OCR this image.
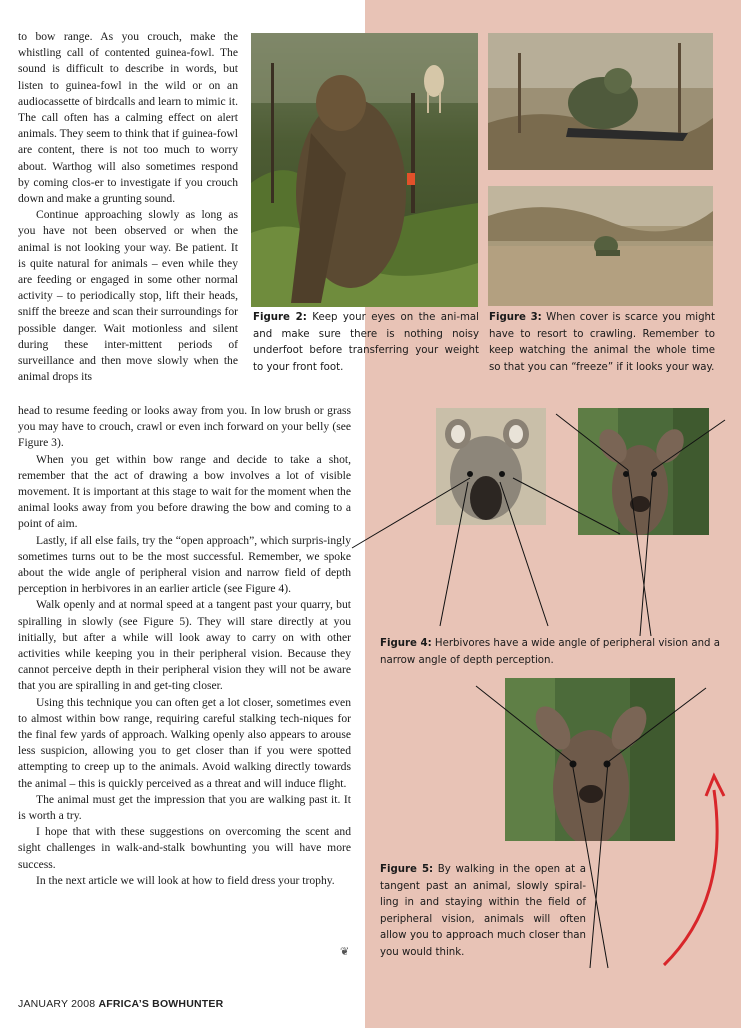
to bow range. As you crouch, make the whistling call of contented guinea-fowl. The sound is difficult to describe in words, but listen to guinea-fowl in the wild or on an audiocassette of birdcalls and learn to mimic it. The call often has a calming effect on alert animals. They seem to think that if guinea-fowl are content, there is not too much to worry about. Warthog will also sometimes respond by coming clos-er to investigate if you crouch down and make a grunting sound.

Continue approaching slowly as long as you have not been observed or when the animal is not looking your way. Be patient. It is quite natural for animals – even while they are feeding or engaged in some other normal activity – to periodically stop, lift their heads, sniff the breeze and scan their surroundings for possible danger. Wait motionless and silent during these inter-mittent periods of surveillance and then move slowly when the animal drops its

head to resume feeding or looks away from you. In low brush or grass you may have to crouch, crawl or even inch forward on your belly (see Figure 3).

When you get within bow range and decide to take a shot, remember that the act of drawing a bow involves a lot of visible movement. It is important at this stage to wait for the moment when the animal looks away from you before drawing the bow and coming to a point of aim.

Lastly, if all else fails, try the “open approach”, which surpris-ingly sometimes turns out to be the most successful. Remember, we spoke about the wide angle of peripheral vision and narrow field of depth perception in herbivores in an earlier article (see Figure 4).

Walk openly and at normal speed at a tangent past your quarry, but spiralling in slowly (see Figure 5). They will stare directly at you initially, but after a while will look away to carry on with other activities while keeping you in their peripheral vision. Because they cannot perceive depth in their peripheral vision they will not be aware that you are spiralling in and get-ting closer.

Using this technique you can often get a lot closer, sometimes even to almost within bow range, requiring careful stalking tech-niques for the final few yards of approach. Walking openly also appears to arouse less suspicion, allowing you to get closer than if you were spotted attempting to creep up to the animals. Avoid walking directly towards the animal – this is quickly perceived as a threat and will induce flight.

The animal must get the impression that you are walking past it. It is worth a try.

I hope that with these suggestions on overcoming the scent and sight challenges in walk-and-stalk bowhunting you will have more success.

In the next article we will look at how to field dress your trophy.

❦
Figure 2: Keep your eyes on the ani-mal and make sure there is nothing noisy underfoot before transferring your weight to your front foot.
Figure 3: When cover is scarce you might have to resort to crawling. Remember to keep watching the animal the whole time so that you can “freeze” if it looks your way.
Figure 4: Herbivores have a wide angle of peripheral vision and a narrow angle of depth perception.
Figure 5: By walking in the open at a tangent past an animal, slowly spiral-ling in and staying within the field of peripheral vision, animals will often allow you to approach much closer than you would think.
JANUARY 2008 AFRICA’S BOWHUNTER
